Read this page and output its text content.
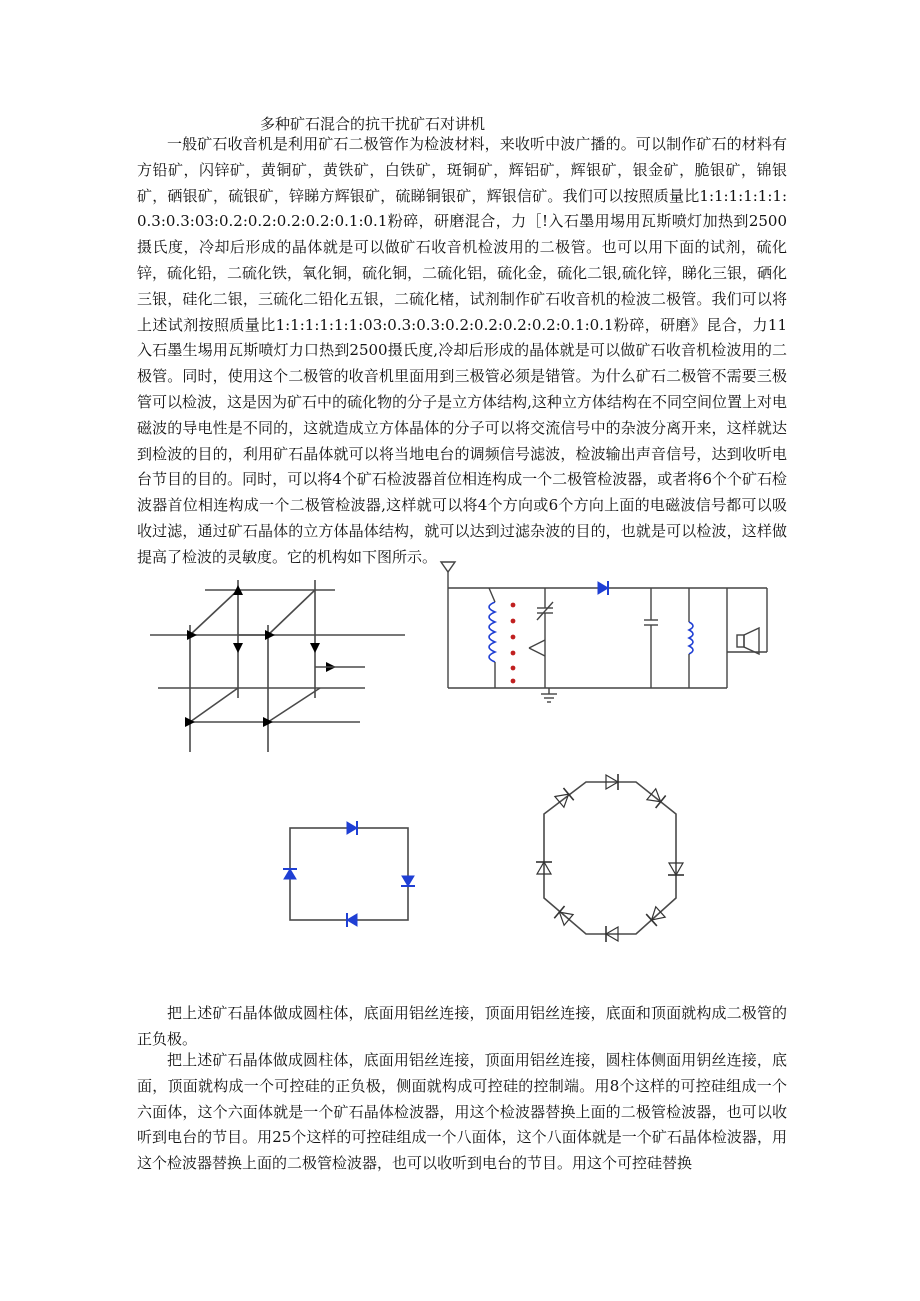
多种矿石混合的抗干扰矿石对讲机

一般矿石收音机是利用矿石二极管作为检波材料，来收听中波广播的。可以制作矿石的材料有方铅矿，闪锌矿，黄铜矿，黄铁矿，白铁矿，斑铜矿，辉铝矿，辉银矿，银金矿，脆银矿，锦银矿，硒银矿，硫银矿，锌睇方辉银矿，硫睇铜银矿，辉银信矿。我们可以按照质量比1:1:1:1:1:1:0.3:0.3:03:0.2:0.2:0.2:0.2:0.1:0.1粉碎，研磨混合，力［!入石墨用埸用瓦斯喷灯加热到2500摄氏度，冷却后形成的晶体就是可以做矿石收音机检波用的二极管。也可以用下面的试剂，硫化锌，硫化铅，二硫化铁，氧化铜，硫化铜，二硫化铝，硫化金，硫化二银,硫化锌，睇化三银，硒化三银，硅化二银，三硫化二铅化五银，二硫化楮，试剂制作矿石收音机的检波二极管。我们可以将上述试剂按照质量比1:1:1:1:1:1:03:0.3:0.3:0.2:0.2:0.2:0.2:0.1:0.1粉碎，研磨》昆合，力11入石墨生埸用瓦斯喷灯力口热到2500摄氏度,冷却后形成的晶体就是可以做矿石收音机检波用的二极管。同时，使用这个二极管的收音机里面用到三极管必须是错管。为什么矿石二极管不需要三极管可以检波，这是因为矿石中的硫化物的分子是立方体结构,这种立方体结构在不同空间位置上对电磁波的导电性是不同的，这就造成立方体晶体的分子可以将交流信号中的杂波分离开来，这样就达到检波的目的，利用矿石晶体就可以将当地电台的调频信号滤波，检波输出声音信号，达到收听电台节目的目的。同时，可以将4个矿石检波器首位相连构成一个二极管检波器，或者将6个个矿石检波器首位相连构成一个二极管检波器,这样就可以将4个方向或6个方向上面的电磁波信号都可以吸收过滤，通过矿石晶体的立方体晶体结构，就可以达到过滤杂波的目的，也就是可以检波，这样做提高了检波的灵敏度。它的机构如下图所示。

把上述矿石晶体做成圆柱体，底面用铝丝连接，顶面用铝丝连接，底面和顶面就构成二极管的正负极。

把上述矿石晶体做成圆柱体，底面用铝丝连接，顶面用铝丝连接，圆柱体侧面用钥丝连接，底面，顶面就构成一个可控硅的正负极，侧面就构成可控硅的控制端。用8个这样的可控硅组成一个六面体，这个六面体就是一个矿石晶体检波器，用这个检波器替换上面的二极管检波器，也可以收听到电台的节目。用25个这样的可控硅组成一个八面体，这个八面体就是一个矿石晶体检波器，用这个检波器替换上面的二极管检波器，也可以收听到电台的节目。用这个可控硅替换
